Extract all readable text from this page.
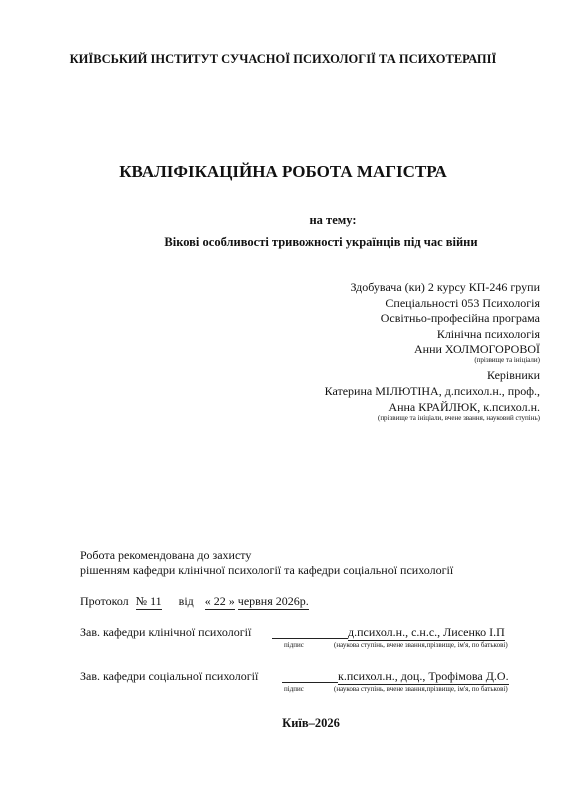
КИЇВСЬКИЙ ІНСТИТУТ СУЧАСНОЇ ПСИХОЛОГІЇ ТА ПСИХОТЕРАПІЇ
КВАЛІФІКАЦІЙНА РОБОТА МАГІСТРА
на тему:
Вікові особливості тривожності українців під час війни
Здобувача (ки) 2 курсу КП-246 групи
Спеціальності 053 Психологія
Освітньо-професійна програма
Клінічна психологія
Анни ХОЛМОГОРОВОЇ
(прізвище та ініціали)
Керівники
Катерина МІЛЮТІНА, д.психол.н., проф.,
Анна КРАЙЛЮК, к.психол.н.
(прізвище та ініціали, вчене звання, науковий ступінь)
Робота рекомендована до захисту
рішенням кафедри клінічної психології та кафедри соціальної психології
Протокол № 11 від « 22 » червня 2026р.
Зав. кафедри клінічної психології	д.психол.н., с.н.с., Лисенко І.П
підпис	(наукова ступінь, вчене звання,прізвище, ім'я, по батькові)
Зав. кафедри соціальної психології	к.психол.н., доц., Трофімова Д.О.
підпис	(наукова ступінь, вчене звання,прізвище, ім'я, по батькові)
Київ–2026
